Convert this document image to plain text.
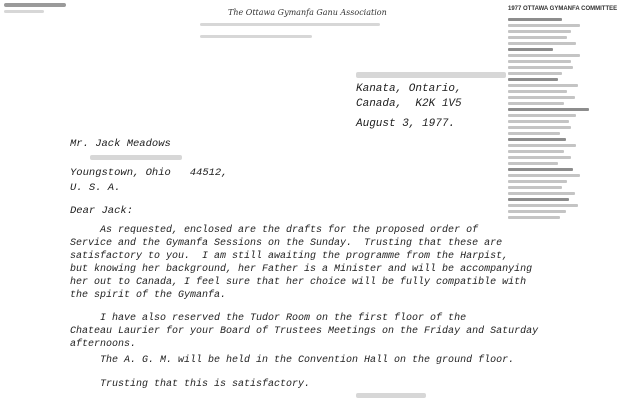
The Ottawa Gymanfa Ganu Association	1977 OTTAWA GYMANFA COMMITTEE
Kanata, Ontario,
Canada,  K2K 1V5
August 3, 1977.
Mr. Jack Meadows
Youngstown, Ohio   44512,
U. S. A.
Dear Jack:
As requested, enclosed are the drafts for the proposed order of
Service and the Gymanfa Sessions on the Sunday.  Trusting that these are
satisfactory to you.  I am still awaiting the programme from the Harpist,
but knowing her background, her Father is a Minister and will be accompanying
her out to Canada, I feel sure that her choice will be fully compatible with
the spirit of the Gymanfa.
I have also reserved the Tudor Room on the first floor of the
Chateau Laurier for your Board of Trustees Meetings on the Friday and Saturday
afternoons.
The A. G. M. will be held in the Convention Hall on the ground floor.
Trusting that this is satisfactory.
